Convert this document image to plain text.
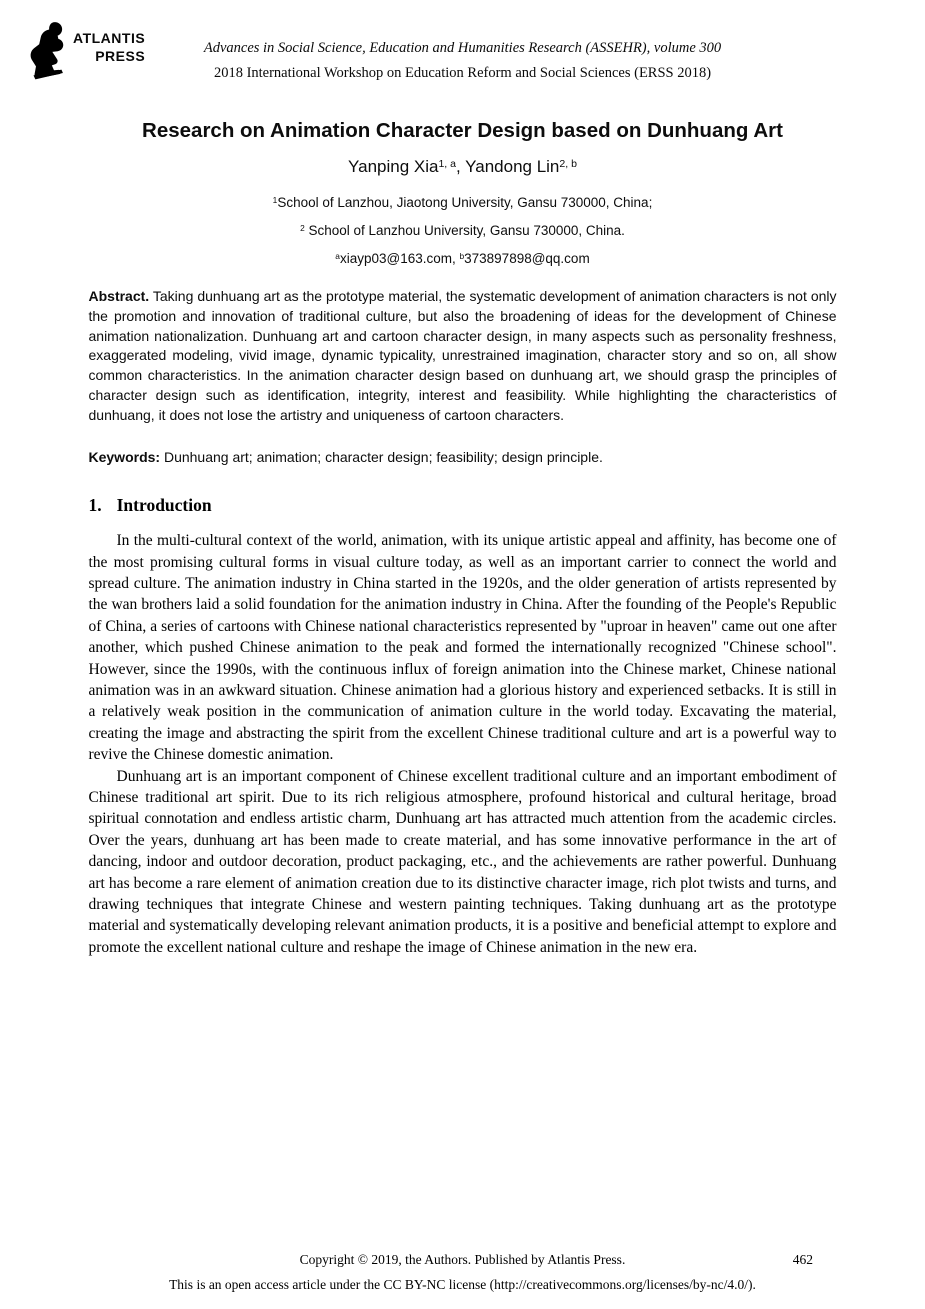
ATLANTIS
PRESS	Advances in Social Science, Education and Humanities Research (ASSEHR), volume 300
2018 International Workshop on Education Reform and Social Sciences (ERSS 2018)
Research on Animation Character Design based on Dunhuang Art
Yanping Xia$^{1, a}$, Yandong Lin$^{2, b}$
$^1$School of Lanzhou, Jiaotong University, Gansu 730000, China;
$^2$ School of Lanzhou University, Gansu 730000, China.
$^a$xiayp03@163.com, $^b$373897898@qq.com

Abstract. Taking dunhuang art as the prototype material, the systematic development of animation characters is not only the promotion and innovation of traditional culture, but also the broadening of ideas for the development of Chinese animation nationalization. Dunhuang art and cartoon character design, in many aspects such as personality freshness, exaggerated modeling, vivid image, dynamic typicality, unrestrained imagination, character story and so on, all show common characteristics. In the animation character design based on dunhuang art, we should grasp the principles of character design such as identification, integrity, interest and feasibility. While highlighting the characteristics of dunhuang, it does not lose the artistry and uniqueness of cartoon characters.

Keywords: Dunhuang art; animation; character design; feasibility; design principle.

1. Introduction

In the multi-cultural context of the world, animation, with its unique artistic appeal and affinity, has become one of the most promising cultural forms in visual culture today, as well as an important carrier to connect the world and spread culture. The animation industry in China started in the 1920s, and the older generation of artists represented by the wan brothers laid a solid foundation for the animation industry in China. After the founding of the People's Republic of China, a series of cartoons with Chinese national characteristics represented by "uproar in heaven" came out one after another, which pushed Chinese animation to the peak and formed the internationally recognized "Chinese school". However, since the 1990s, with the continuous influx of foreign animation into the Chinese market, Chinese national animation was in an awkward situation. Chinese animation had a glorious history and experienced setbacks. It is still in a relatively weak position in the communication of animation culture in the world today. Excavating the material, creating the image and abstracting the spirit from the excellent Chinese traditional culture and art is a powerful way to revive the Chinese domestic animation.

Dunhuang art is an important component of Chinese excellent traditional culture and an important embodiment of Chinese traditional art spirit. Due to its rich religious atmosphere, profound historical and cultural heritage, broad spiritual connotation and endless artistic charm, Dunhuang art has attracted much attention from the academic circles. Over the years, dunhuang art has been made to create material, and has some innovative performance in the art of dancing, indoor and outdoor decoration, product packaging, etc., and the achievements are rather powerful. Dunhuang art has become a rare element of animation creation due to its distinctive character image, rich plot twists and turns, and drawing techniques that integrate Chinese and western painting techniques. Taking dunhuang art as the prototype material and systematically developing relevant animation products, it is a positive and beneficial attempt to explore and promote the excellent national culture and reshape the image of Chinese animation in the new era.

Copyright © 2019, the Authors. Published by Atlantis Press.	462
This is an open access article under the CC BY-NC license (http://creativecommons.org/licenses/by-nc/4.0/).
